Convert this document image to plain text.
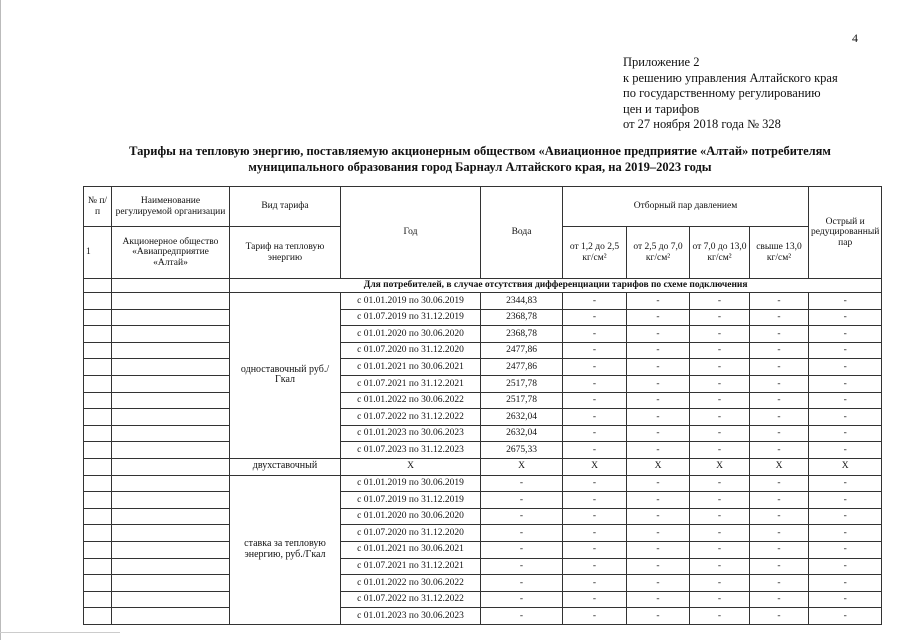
4
Приложение 2
к решению управления Алтайского края
по государственному регулированию
цен и тарифов
от 27 ноября 2018 года № 328
Тарифы на тепловую энергию, поставляемую акционерным обществом «Авиационное предприятие «Алтай» потребителям
муниципального образования город Барнаул Алтайского края, на 2019–2023 годы
№ п/п	Наименование регулируемой организации	Вид тарифа	Год	Вода	Отборный пар давлением				Острый и редуцированный пар
1	Акционерное общество «Авиапредприятие «Алтай»	Тариф на тепловую энергию			от 1,2 до 2,5 кг/см²	от 2,5 до 7,0 кг/см²	от 7,0 до 13,0 кг/см²	свыше 13,0 кг/см²	
		Для потребителей, в случае отсутствия дифференциации тарифов по схеме подключения							
		одноставочный руб./Гкал	с 01.01.2019 по 30.06.2019	2344,83	-	-	-	-	-
			с 01.07.2019 по 31.12.2019	2368,78	-	-	-	-	-
			с 01.01.2020 по 30.06.2020	2368,78	-	-	-	-	-
			с 01.07.2020 по 31.12.2020	2477,86	-	-	-	-	-
			с 01.01.2021 по 30.06.2021	2477,86	-	-	-	-	-
			с 01.07.2021 по 31.12.2021	2517,78	-	-	-	-	-
			с 01.01.2022 по 30.06.2022	2517,78	-	-	-	-	-
			с 01.07.2022 по 31.12.2022	2632,04	-	-	-	-	-
			с 01.01.2023 по 30.06.2023	2632,04	-	-	-	-	-
			с 01.07.2023 по 31.12.2023	2675,33	-	-	-	-	-
		двухставочный	X	X	X	X	X	X	X
		ставка за тепловую энергию, руб./Гкал	с 01.01.2019 по 30.06.2019	-	-	-	-	-	-
			с 01.07.2019 по 31.12.2019	-	-	-	-	-	-
			с 01.01.2020 по 30.06.2020	-	-	-	-	-	-
			с 01.07.2020 по 31.12.2020	-	-	-	-	-	-
			с 01.01.2021 по 30.06.2021	-	-	-	-	-	-
			с 01.07.2021 по 31.12.2021	-	-	-	-	-	-
			с 01.01.2022 по 30.06.2022	-	-	-	-	-	-
			с 01.07.2022 по 31.12.2022	-	-	-	-	-	-
			с 01.01.2023 по 30.06.2023	-	-	-	-	-	-
